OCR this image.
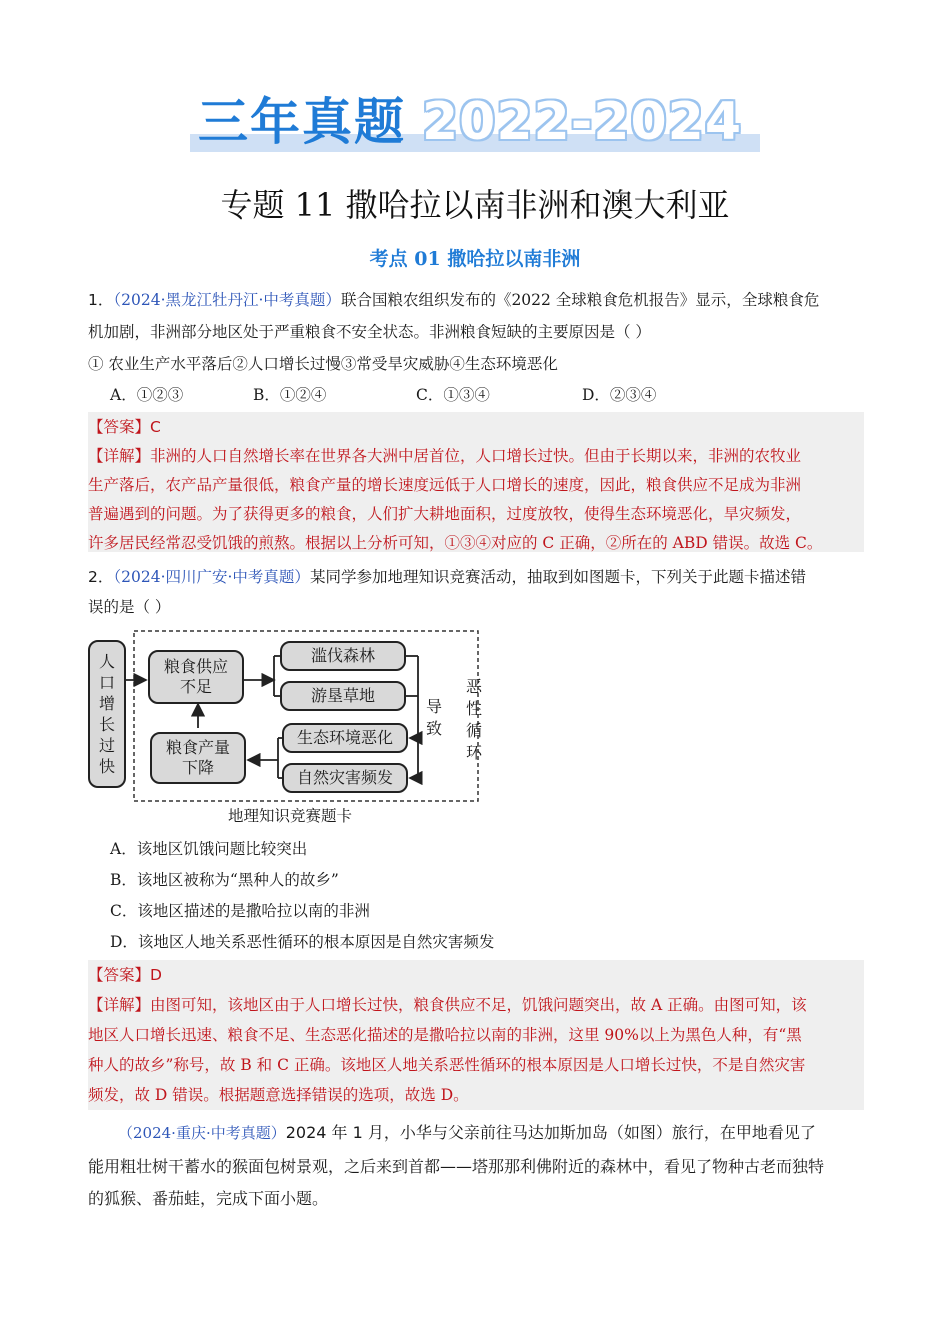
三年真题 2022-2024
专题 11 撒哈拉以南非洲和澳大利亚
考点 01 撒哈拉以南非洲
1．（2024·黑龙江牡丹江·中考真题）联合国粮农组织发布的《2022 全球粮食危机报告》显示，全球粮食危
机加剧，非洲部分地区处于严重粮食不安全状态。非洲粮食短缺的主要原因是（ ）
① 农业生产水平落后②人口增长过慢③常受旱灾威胁④生态环境恶化
A．①②③	B．①②④	C．①③④	D．②③④
【答案】C
【详解】非洲的人口自然增长率在世界各大洲中居首位，人口增长过快。但由于长期以来，非洲的农牧业
生产落后，农产品产量很低，粮食产量的增长速度远低于人口增长的速度，因此，粮食供应不足成为非洲
普遍遇到的问题。为了获得更多的粮食，人们扩大耕地面积，过度放牧，使得生态环境恶化，旱灾频发，
许多居民经常忍受饥饿的煎熬。根据以上分析可知，①③④对应的 C 正确，②所在的 ABD 错误。故选 C。
2．（2024·四川广安·中考真题）某同学参加地理知识竞赛活动，抽取到如图题卡，下列关于此题卡描述错
误的是（ ）
人
口
增
长
过
快
粮食供应
不足
粮食产量
下降
滥伐森林
游垦草地
生态环境恶化
自然灾害频发
导
致
恶
性
循
环
地理知识竞赛题卡
A．该地区饥饿问题比较突出
B．该地区被称为“黑种人的故乡”
C．该地区描述的是撒哈拉以南的非洲
D．该地区人地关系恶性循环的根本原因是自然灾害频发
【答案】D
【详解】由图可知，该地区由于人口增长过快，粮食供应不足，饥饿问题突出，故 A 正确。由图可知，该
地区人口增长迅速、粮食不足、生态恶化描述的是撒哈拉以南的非洲，这里 90%以上为黑色人种，有“黑
种人的故乡”称号，故 B 和 C 正确。该地区人地关系恶性循环的根本原因是人口增长过快，不是自然灾害
频发，故 D 错误。根据题意选择错误的选项，故选 D。
（2024·重庆·中考真题）2024 年 1 月，小华与父亲前往马达加斯加岛（如图）旅行，在甲地看见了
能用粗壮树干蓄水的猴面包树景观，之后来到首都——塔那那利佛附近的森林中，看见了物种古老而独特
的狐猴、番茄蛙，完成下面小题。
